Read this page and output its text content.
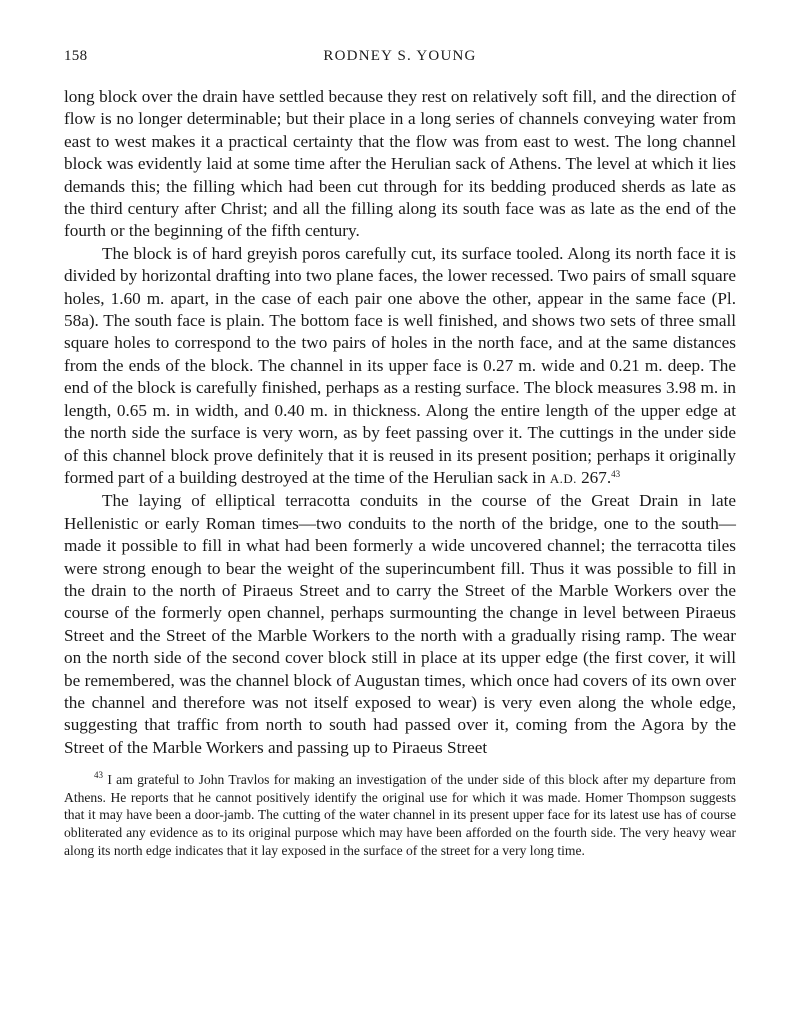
158	RODNEY S. YOUNG

long block over the drain have settled because they rest on relatively soft fill, and the direction of flow is no longer determinable; but their place in a long series of channels conveying water from east to west makes it a practical certainty that the flow was from east to west. The long channel block was evidently laid at some time after the Herulian sack of Athens. The level at which it lies demands this; the filling which had been cut through for its bedding produced sherds as late as the third century after Christ; and all the filling along its south face was as late as the end of the fourth or the beginning of the fifth century.

The block is of hard greyish poros carefully cut, its surface tooled. Along its north face it is divided by horizontal drafting into two plane faces, the lower recessed. Two pairs of small square holes, 1.60 m. apart, in the case of each pair one above the other, appear in the same face (Pl. 58a). The south face is plain. The bottom face is well finished, and shows two sets of three small square holes to correspond to the two pairs of holes in the north face, and at the same distances from the ends of the block. The channel in its upper face is 0.27 m. wide and 0.21 m. deep. The end of the block is carefully finished, perhaps as a resting surface. The block measures 3.98 m. in length, 0.65 m. in width, and 0.40 m. in thickness. Along the entire length of the upper edge at the north side the surface is very worn, as by feet passing over it. The cuttings in the under side of this channel block prove definitely that it is reused in its present position; perhaps it originally formed part of a building destroyed at the time of the Herulian sack in A.D. 267.43

The laying of elliptical terracotta conduits in the course of the Great Drain in late Hellenistic or early Roman times—two conduits to the north of the bridge, one to the south—made it possible to fill in what had been formerly a wide uncovered channel; the terracotta tiles were strong enough to bear the weight of the superincumbent fill. Thus it was possible to fill in the drain to the north of Piraeus Street and to carry the Street of the Marble Workers over the course of the formerly open channel, perhaps surmounting the change in level between Piraeus Street and the Street of the Marble Workers to the north with a gradually rising ramp. The wear on the north side of the second cover block still in place at its upper edge (the first cover, it will be remembered, was the channel block of Augustan times, which once had covers of its own over the channel and therefore was not itself exposed to wear) is very even along the whole edge, suggesting that traffic from north to south had passed over it, coming from the Agora by the Street of the Marble Workers and passing up to Piraeus Street

$^{43}$ I am grateful to John Travlos for making an investigation of the under side of this block after my departure from Athens. He reports that he cannot positively identify the original use for which it was made. Homer Thompson suggests that it may have been a door-jamb. The cutting of the water channel in its present upper face for its latest use has of course obliterated any evidence as to its original purpose which may have been afforded on the fourth side. The very heavy wear along its north edge indicates that it lay exposed in the surface of the street for a very long time.
